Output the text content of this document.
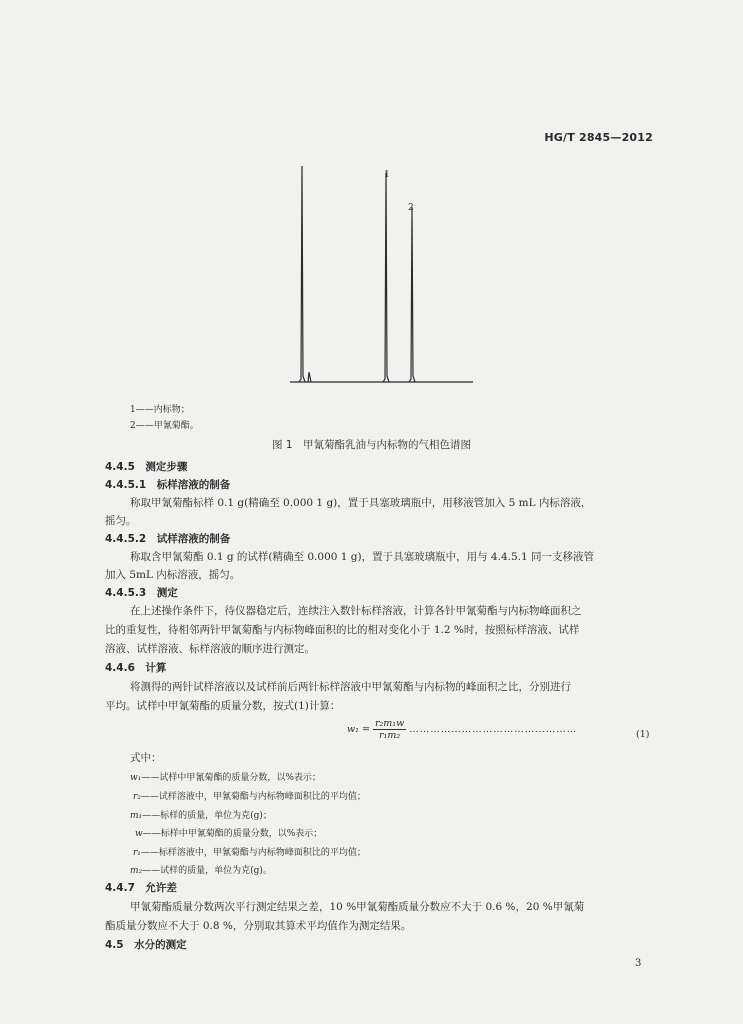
HG/T 2845—2012
1
2
1——内标物；
2——甲氰菊酯。
图 1　甲氰菊酯乳油与内标物的气相色谱图
4.4.5　测定步骤
4.4.5.1　标样溶液的制备
称取甲氰菊酯标样 0.1 g(精确至 0.000 1 g)，置于具塞玻璃瓶中，用移液管加入 5 mL 内标溶液，
摇匀。
4.4.5.2　试样溶液的制备
称取含甲氰菊酯 0.1 g 的试样(精确至 0.000 1 g)，置于具塞玻璃瓶中，用与 4.4.5.1 同一支移液管
加入 5mL 内标溶液，摇匀。
4.4.5.3　测定
在上述操作条件下，待仪器稳定后，连续注入数针标样溶液，计算各针甲氰菊酯与内标物峰面积之
比的重复性，待相邻两针甲氰菊酯与内标物峰面积的比的相对变化小于 1.2 %时，按照标样溶液、试样
溶液、试样溶液、标样溶液的顺序进行测定。
4.4.6　计算
将测得的两针试样溶液以及试样前后两针标样溶液中甲氰菊酯与内标物的峰面积之比，分别进行
平均。试样中甲氰菊酯的质量分数，按式(1)计算：
$w_1 = \frac{\text{r₂m₁w}}{\text{r₁m₂}}$ …………………………………………	(1)
式中：
w₁——试样中甲氰菊酯的质量分数，以%表示；
r₂——试样溶液中，甲氰菊酯与内标物峰面积比的平均值；
m₁——标样的质量，单位为克(g)；
w——标样中甲氰菊酯的质量分数，以%表示；
r₁——标样溶液中，甲氰菊酯与内标物峰面积比的平均值；
m₂——试样的质量，单位为克(g)。
4.4.7　允许差
甲氰菊酯质量分数两次平行测定结果之差，10 %甲氰菊酯质量分数应不大于 0.6 %，20 %甲氰菊
酯质量分数应不大于 0.8 %，分别取其算术平均值作为测定结果。
4.5　水分的测定
3
